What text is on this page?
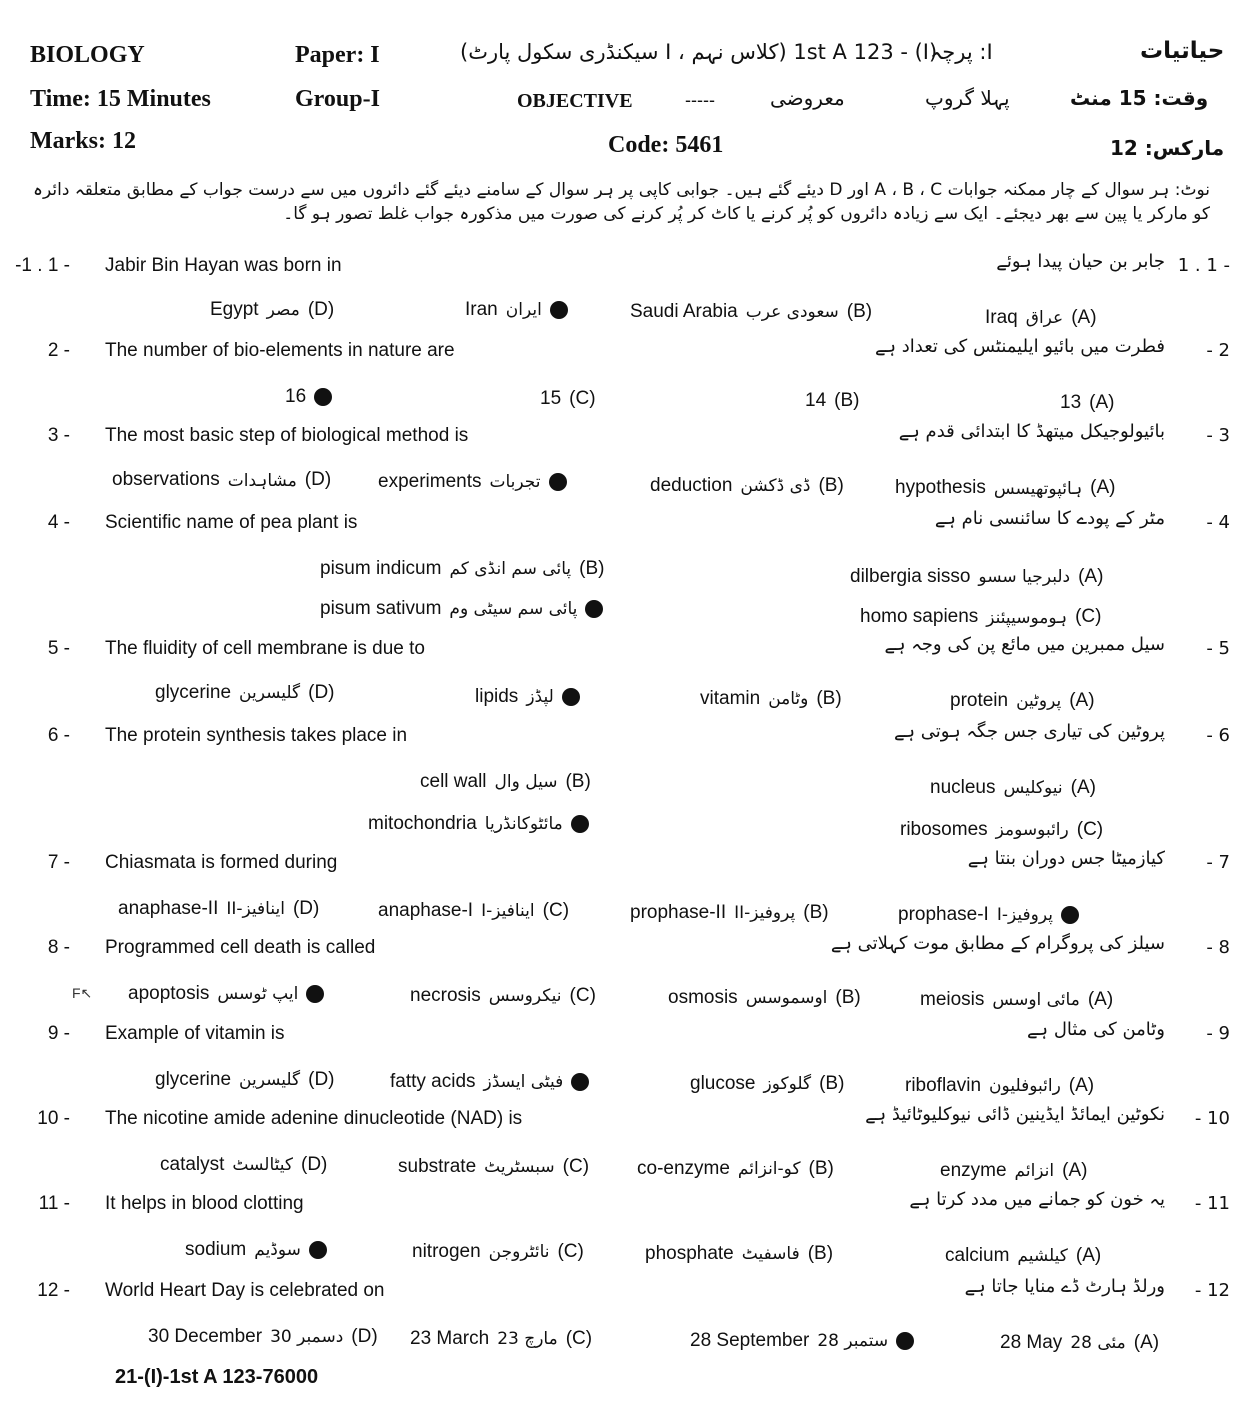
BIOLOGY	Paper: I	(سیکنڈری سکول پارٹ I ، کلاس نہم) 1st A 123 - (I)
I: پرچہ	حیاتیات
Time: 15 Minutes	Group-I	OBJECTIVE	-----	معروضی	پہلا گروپ	وقت: 15 منٹ
Marks: 12	Code: 5461	مارکس: 12
نوٹ: ہر سوال کے چار ممکنہ جوابات A ، B ، C اور D دیئے گئے ہیں۔ جوابی کاپی پر ہر سوال کے سامنے دیئے گئے دائروں میں سے درست جواب کے مطابق متعلقہ دائرہ کو مارکر یا پین سے بھر دیجئے۔ ایک سے زیادہ دائروں کو پُر کرنے یا کاٹ کر پُر کرنے کی صورت میں مذکورہ جواب غلط تصور ہو گا۔
-1 . 1 - Jabir Bin Hayan was born in	جابر بن حیان پیدا ہوئے 1 . 1 -
2 - The number of bio-elements in nature are	فطرت میں بائیو ایلیمنٹس کی تعداد ہے	- 2
3 - The most basic step of biological method is	بائیولوجیکل میتھڈ کا ابتدائی قدم ہے	- 3
4 - Scientific name of pea plant is	مٹر کے پودے کا سائنسی نام ہے	- 4
5 - The fluidity of cell membrane is due to	سیل ممبرین میں مائع پن کی وجہ ہے	- 5
6 - The protein synthesis takes place in	پروٹین کی تیاری جس جگہ ہوتی ہے	- 6
7 - Chiasmata is formed during	کیازمیٹا جس دوران بنتا ہے	- 7
8 - Programmed cell death is called	سیلز کی پروگرام کے مطابق موت کہلاتی ہے	- 8
9 - Example of vitamin is	وٹامن کی مثال ہے	- 9
10 - The nicotine amide adenine dinucleotide (NAD) is	نکوٹین ایمائڈ ایڈینین ڈائی نیوکلیوٹائیڈ ہے	- 10
11 - It helps in blood clotting	یہ خون کو جمانے میں مدد کرتا ہے	- 11
12 - World Heart Day is celebrated on	ورلڈ ہارٹ ڈے منایا جاتا ہے	- 12
Iraq عراق (A)
Saudi Arabia سعودی عرب (B)
Iran ایران
Egypt مصر (D)
13 (A)
14 (B)
15 (C)
16
hypothesis ہائپوتھیسس (A)
deduction ڈی ڈکشن (B)
experiments تجربات
observations مشاہدات (D)
dilbergia sisso دلبرجیا سسو (A)
pisum indicum پائی سم انڈی کم (B)
homo sapiens ہوموسیپئنز (C)
pisum sativum پائی سم سیٹی وم
protein پروٹین (A)
vitamin وٹامن (B)
lipids لپڈز
glycerine گلیسرین (D)
nucleus نیوکلیس (A)
cell wall سیل وال (B)
ribosomes رائبوسومز (C)
mitochondria مائٹوکانڈریا
prophase-I I-پروفیز
prophase-II II-پروفیز (B)
anaphase-I I-اینافیز (C)
anaphase-II II-اینافیز (D)
meiosis مائی اوسس (A)
osmosis اوسموسس (B)
necrosis نیکروسس (C)
apoptosis ایپ ٹوسس
riboflavin رائبوفلیون (A)
glucose گلوکوز (B)
fatty acids فیٹی ایسڈز
glycerine گلیسرین (D)
enzyme انزائم (A)
co-enzyme کو-انزائم (B)
substrate سبسٹریٹ (C)
catalyst کیٹالسٹ (D)
calcium کیلشیم (A)
phosphate فاسفیٹ (B)
nitrogen نائٹروجن (C)
sodium سوڈیم
28 May 28 مئی (A)
28 September 28 ستمبر
23 March 23 مارچ (C)
30 December 30 دسمبر (D)
F↖
21-(I)-1st A 123-76000
